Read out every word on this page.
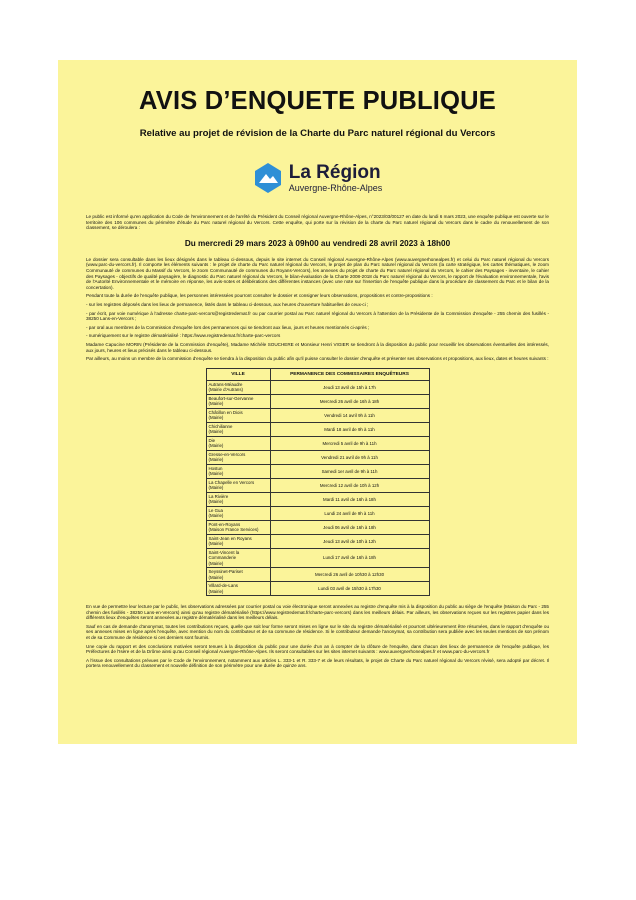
AVIS D’ENQUETE PUBLIQUE
Relative au projet de révision de la Charte du Parc naturel régional du Vercors
La Région
Auvergne-Rhône-Alpes

Le public est informé qu'en application du Code de l'environnement et de l'arrêté du Président du Conseil régional Auvergne-Rhône-Alpes, n°2023/03/00127 en date du lundi 6 mars 2023, une enquête publique est ouverte sur le territoire des 106 communes du périmètre d'étude du Parc naturel régional du Vercors. Cette enquête, qui porte sur la révision de la charte du Parc naturel régional du Vercors dans le cadre du renouvellement de son classement, se déroulera :

Du mercredi 29 mars 2023 à 09h00 au vendredi 28 avril 2023 à 18h00

Le dossier sera consultable dans les lieux désignés dans le tableau ci-dessous, depuis le site internet du Conseil régional Auvergne-Rhône-Alpes (www.auvergnerhonealpes.fr) et celui du Parc naturel régional du Vercors (www.parc-du-vercors.fr). Il comporte les éléments suivants : le projet de charte du Parc naturel régional du Vercors, le projet de plan du Parc naturel régional du Vercors (la carte stratégique, les cartes thématiques, le zoom Communauté de communes du Massif du Vercors, le zoom Communauté de communes du Royans-Vercors), les annexes du projet de charte du Parc naturel régional du Vercors, le cahier des Paysages - inventaire, le cahier des Paysages - objectifs de qualité paysagère, le diagnostic du Parc naturel régional du Vercors, le bilan-évaluation de la Charte 2008-2018 du Parc naturel régional du Vercors, le rapport de l'évaluation environnementale, l'avis de l'Autorité Environnementale et le mémoire en réponse, les avis-notes et délibérations des différentes instances (avec une note sur l'insertion de l'enquête publique dans la procédure de classement du Parc et le bilan de la concertation).

Pendant toute la durée de l'enquête publique, les personnes intéressées pourront consulter le dossier et consigner leurs observations, propositions et contre-propositions :

- sur les registres déposés dans les lieux de permanence, listés dans le tableau ci-dessous, aux heures d'ouverture habituelles de ceux-ci ;

- par écrit, par voie numérique à l'adresse charte-parc-vercors@registredemat.fr ou par courrier postal au Parc naturel régional du Vercors à l'attention de la Présidente de la Commission d'enquête - 255 chemin des fusillés - 38250 Lans-en-Vercors ;

- par oral aux membres de la Commission d'enquête lors des permanences qui se tiendront aux lieux, jours et heures mentionnés ci-après ;

- numériquement sur le registre dématérialisé : https://www.registredemat.fr/charte-parc-vercors

Madame Capucine MORIN (Présidente de la Commission d'enquête), Madame Michèle SOUCHERE et Monsieur Henri VIGIER se tiendront à la disposition du public pour recueillir les observations éventuelles des intéressés, aux jours, heures et lieux précisés dans le tableau ci-dessous.

Par ailleurs, au moins un membre de la commission d'enquête se tiendra à la disposition du public afin qu'il puisse consulter le dossier d'enquête et présenter ses observations et propositions, aux lieux, dates et heures suivants :

VILLE	PERMANENCE DES COMMISSAIRES ENQUÊTEURS

Autrans-Méaudre
(Mairie d'Autrans)	Jeudi 13 avril de 15h à 17h

Beaufort-sur-Gervanne
(Mairie)	Mercredi 26 avril de 16h à 18h

Châtillon en Diois
(Mairie)	Vendredi 14 avril 9h à 11h

Chichilianne
(Mairie)	Mardi 18 avril de 9h à 11h

Die
(Mairie)	Mercredi 5 avril de 9h à 11h

Gresse-en-Vercors
(Mairie)	Vendredi 21 avril de 9h à 11h

Hostun
(Mairie)	Samedi 1er avril de 9h à 11h

La Chapelle en Vercors
(Mairie)	Mercredi 12 avril de 10h à 12h

La Rivière
(Mairie)	Mardi 11 avril de 16h à 18h

Le Gua
(Mairie)	Lundi 24 avril de 9h à 11h

Pont-en-Royans
(Maison France Services)	Jeudi 06 avril de 16h à 18h

Saint-Jean en Royans
(Mairie)	Jeudi 13 avril de 10h à 12h

Saint-Vincent la Commanderie
(Mairie)	Lundi 17 avril de 16h à 18h

Seyssinet-Pariset
(Mairie)	Mercredi 26 avril de 10h30 à 12h30

Villard-de-Lans
(Mairie)	Lundi 03 avril de 15h30 à 17h30

En vue de permettre leur lecture par le public, les observations adressées par courrier postal ou voie électronique seront annexées au registre d'enquête mis à la disposition du public au siège de l'enquête (Maison du Parc - 255 chemin des fusillés - 38250 Lans-en-Vercors) ainsi qu'au registre dématérialisé (https://www.registredemat.fr/charte-parc-vercors) dans les meilleurs délais. Par ailleurs, les observations reçues sur les registres papier dans les différents lieux d'enquêtes seront annexées au registre dématérialisé dans les meilleurs délais.

Sauf en cas de demande d'anonymat, toutes les contributions reçues, quelle que soit leur forme seront mises en ligne sur le site du registre dématérialisé et pourront ultérieurement être résumées, dans le rapport d'enquête ou ses annexes mises en ligne après l'enquête, avec mention du nom du contributeur et de sa commune de résidence. Si le contributeur demande l'anonymat, sa contribution sera publiée avec les seules mentions de son prénom et de sa Commune de résidence si ces derniers sont fournis.

Une copie du rapport et des conclusions motivées seront tenues à la disposition du public pour une durée d'un an à compter de la clôture de l'enquête, dans chacun des lieux de permanence de l'enquête publique, les Préfectures de l'Isère et de la Drôme ainsi qu'au Conseil régional Auvergne-Rhône-Alpes. Ils seront consultables sur les sites internet suivants : www.auvergnerhonealpes.fr et www.parc-du-vercors.fr

A l'issue des consultations prévues par le Code de l'environnement, notamment aux articles L. 333-1 et R. 333-7 et de leurs résultats, le projet de Charte du Parc naturel régional du Vercors révisé, sera adopté par décret. Il portera renouvellement du classement et nouvelle définition de son périmètre pour une durée de quinze ans.
